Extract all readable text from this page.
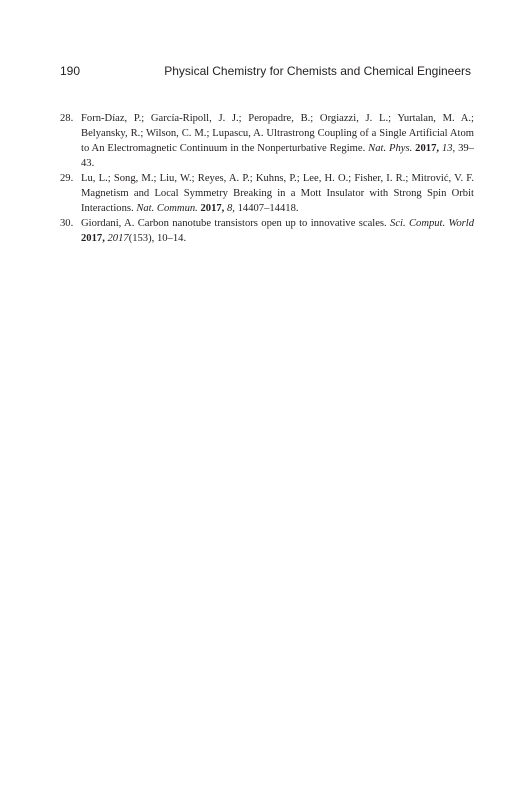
190	Physical Chemistry for Chemists and Chemical Engineers
28. Forn-Díaz, P.; García-Ripoll, J. J.; Peropadre, B.; Orgiazzi, J. L.; Yurtalan, M. A.; Belyansky, R.; Wilson, C. M.; Lupascu, A. Ultrastrong Coupling of a Single Artificial Atom to An Electromagnetic Continuum in the Nonperturbative Regime. Nat. Phys. 2017, 13, 39–43.
29. Lu, L.; Song, M.; Liu, W.; Reyes, A. P.; Kuhns, P.; Lee, H. O.; Fisher, I. R.; Mitrović, V. F. Magnetism and Local Symmetry Breaking in a Mott Insulator with Strong Spin Orbit Interactions. Nat. Commun. 2017, 8, 14407–14418.
30. Giordani, A. Carbon nanotube transistors open up to innovative scales. Sci. Comput. World 2017, 2017(153), 10–14.
